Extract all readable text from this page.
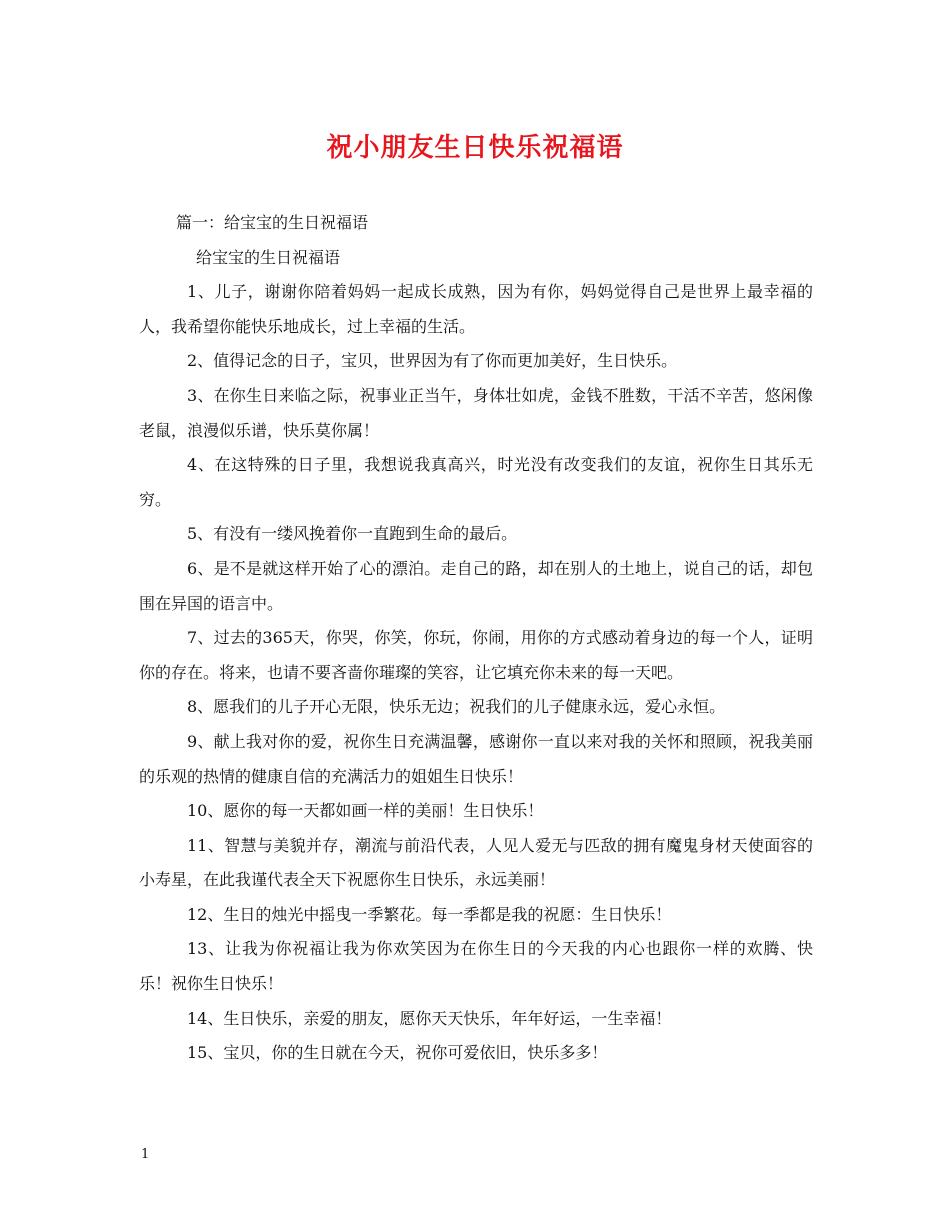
祝小朋友生日快乐祝福语

篇一：给宝宝的生日祝福语

给宝宝的生日祝福语

1、儿子，谢谢你陪着妈妈一起成长成熟，因为有你，妈妈觉得自己是世界上最幸福的人，我希望你能快乐地成长，过上幸福的生活。

2、值得记念的日子，宝贝，世界因为有了你而更加美好，生日快乐。

3、在你生日来临之际，祝事业正当午，身体壮如虎，金钱不胜数，干活不辛苦，悠闲像老鼠，浪漫似乐谱，快乐莫你属！

4、在这特殊的日子里，我想说我真高兴，时光没有改变我们的友谊，祝你生日其乐无穷。

5、有没有一缕风挽着你一直跑到生命的最后。

6、是不是就这样开始了心的漂泊。走自己的路，却在别人的土地上，说自己的话，却包围在异国的语言中。

7、过去的365天，你哭，你笑，你玩，你闹，用你的方式感动着身边的每一个人，证明你的存在。将来，也请不要吝啬你璀璨的笑容，让它填充你未来的每一天吧。

8、愿我们的儿子开心无限，快乐无边；祝我们的儿子健康永远，爱心永恒。

9、献上我对你的爱，祝你生日充满温馨，感谢你一直以来对我的关怀和照顾，祝我美丽的乐观的热情的健康自信的充满活力的姐姐生日快乐！

10、愿你的每一天都如画一样的美丽！生日快乐！

11、智慧与美貌并存，潮流与前沿代表，人见人爱无与匹敌的拥有魔鬼身材天使面容的小寿星，在此我谨代表全天下祝愿你生日快乐，永远美丽！

12、生日的烛光中摇曳一季繁花。每一季都是我的祝愿：生日快乐！

13、让我为你祝福让我为你欢笑因为在你生日的今天我的内心也跟你一样的欢腾、快乐！祝你生日快乐！

14、生日快乐，亲爱的朋友，愿你天天快乐，年年好运，一生幸福！

15、宝贝，你的生日就在今天，祝你可爱依旧，快乐多多！

1
